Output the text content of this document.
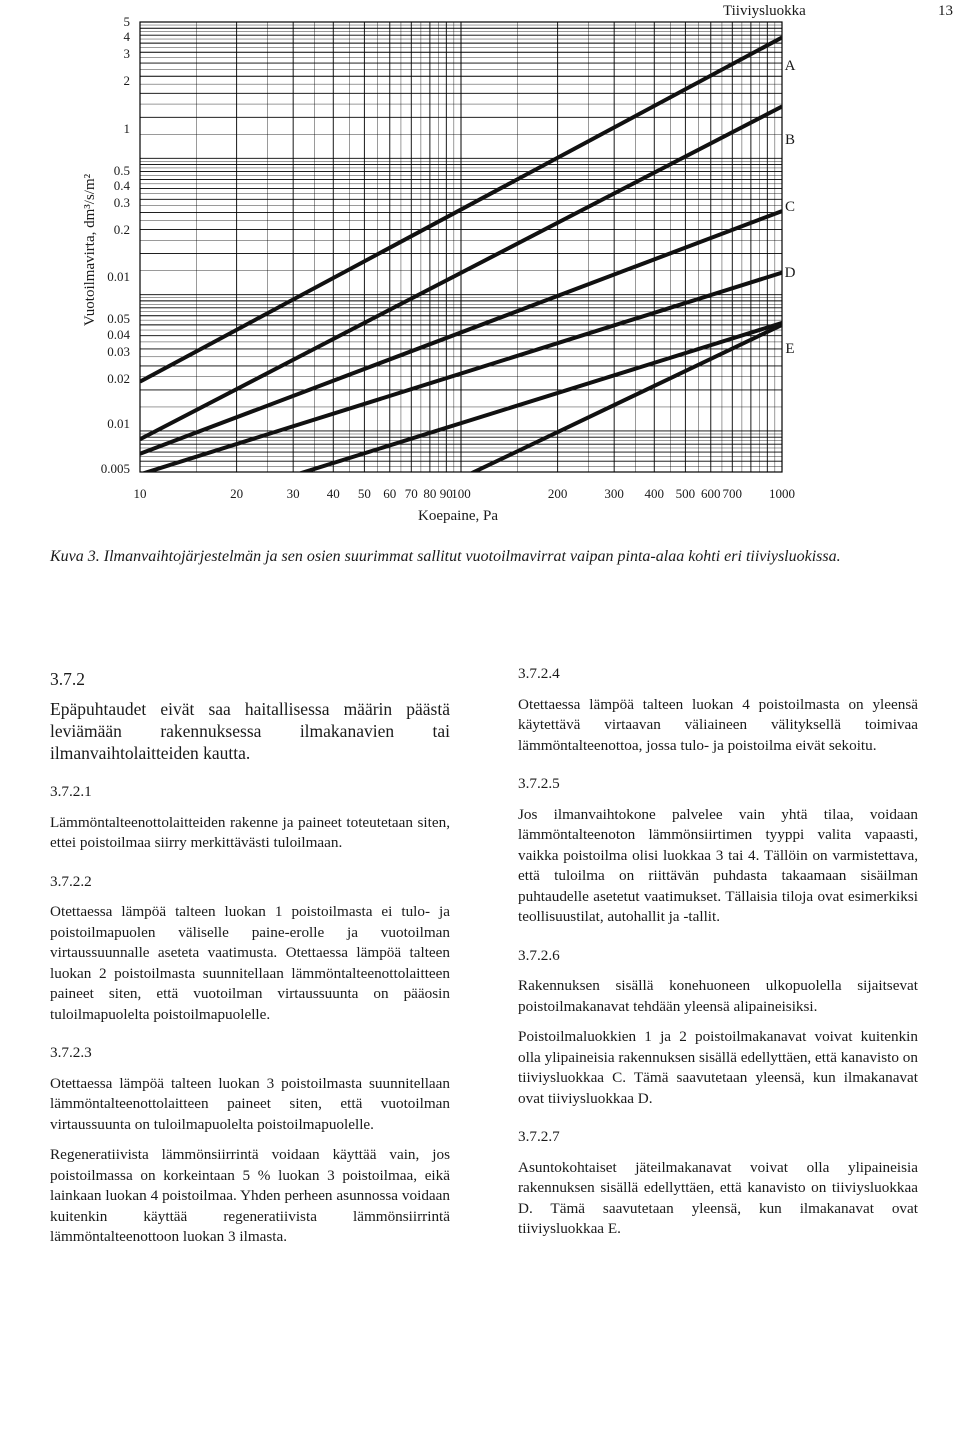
Tiiviysluokka	13
A
B
C
D
E
10	20	30 40 50 60 70 80 90
100	200	300 400 500 600 700 1000
5
4
3
2
1
0.5
0.4
0.3
0.2
0.01
0.05
0.04
0.03
0.02
0.01
0.005
Koepaine, Pa
Vuotoilmavirta, dm³/s/m²
Kuva 3. Ilmanvaihtojärjestelmän ja sen osien suurimmat sallitut vuotoilmavirrat vaipan pinta-alaa kohti eri tiiviysluokissa.

3.7.2

Epäpuhtaudet eivät saa haitallisessa määrin päästä leviämään rakennuksessa ilmakanavien tai ilmanvaihtolaitteiden kautta.

3.7.2.1

Lämmöntalteenottolaitteiden rakenne ja paineet toteutetaan siten, ettei poistoilmaa siirry merkittävästi tuloilmaan.

3.7.2.2

Otettaessa lämpöä talteen luokan 1 poistoilmasta ei tulo- ja poistoilmapuolen väliselle paine-erolle ja vuotoilman virtaussuunnalle aseteta vaatimusta. Otettaessa lämpöä talteen luokan 2 poistoilmasta suunnitellaan lämmöntalteenottolaitteen paineet siten, että vuotoilman virtaussuunta on pääosin tuloilmapuolelta poistoilmapuolelle.

3.7.2.3

Otettaessa lämpöä talteen luokan 3 poistoilmasta suunnitellaan lämmöntalteenottolaitteen paineet siten, että vuotoilman virtaussuunta on tuloilmapuolelta poistoilmapuolelle.

Regeneratiivista lämmönsiirrintä voidaan käyttää vain, jos poistoilmassa on korkeintaan 5 % luokan 3 poistoilmaa, eikä lainkaan luokan 4 poistoilmaa. Yhden perheen asunnossa voidaan kuitenkin käyttää regeneratiivista lämmönsiirrintä lämmöntalteenottoon luokan 3 ilmasta.

3.7.2.4

Otettaessa lämpöä talteen luokan 4 poistoilmasta on yleensä käytettävä virtaavan väliaineen välityksellä toimivaa lämmöntalteenottoa, jossa tulo- ja poistoilma eivät sekoitu.

3.7.2.5

Jos ilmanvaihtokone palvelee vain yhtä tilaa, voidaan lämmöntalteenoton lämmönsiirtimen tyyppi valita vapaasti, vaikka poistoilma olisi luokkaa 3 tai 4. Tällöin on varmistettava, että tuloilma on riittävän puhdasta takaamaan sisäilman puhtaudelle asetetut vaatimukset. Tällaisia tiloja ovat esimerkiksi teollisuustilat, autohallit ja -tallit.

3.7.2.6

Rakennuksen sisällä konehuoneen ulkopuolella sijaitsevat poistoilmakanavat tehdään yleensä alipaineisiksi.

Poistoilmaluokkien 1 ja 2 poistoilmakanavat voivat kuitenkin olla ylipaineisia rakennuksen sisällä edellyttäen, että kanavisto on tiiviysluokkaa C. Tämä saavutetaan yleensä, kun ilmakanavat ovat tiiviysluokkaa D.

3.7.2.7

Asuntokohtaiset jäteilmakanavat voivat olla ylipaineisia rakennuksen sisällä edellyttäen, että kanavisto on tiiviysluokkaa D. Tämä saavutetaan yleensä, kun ilmakanavat ovat tiiviysluokkaa E.
